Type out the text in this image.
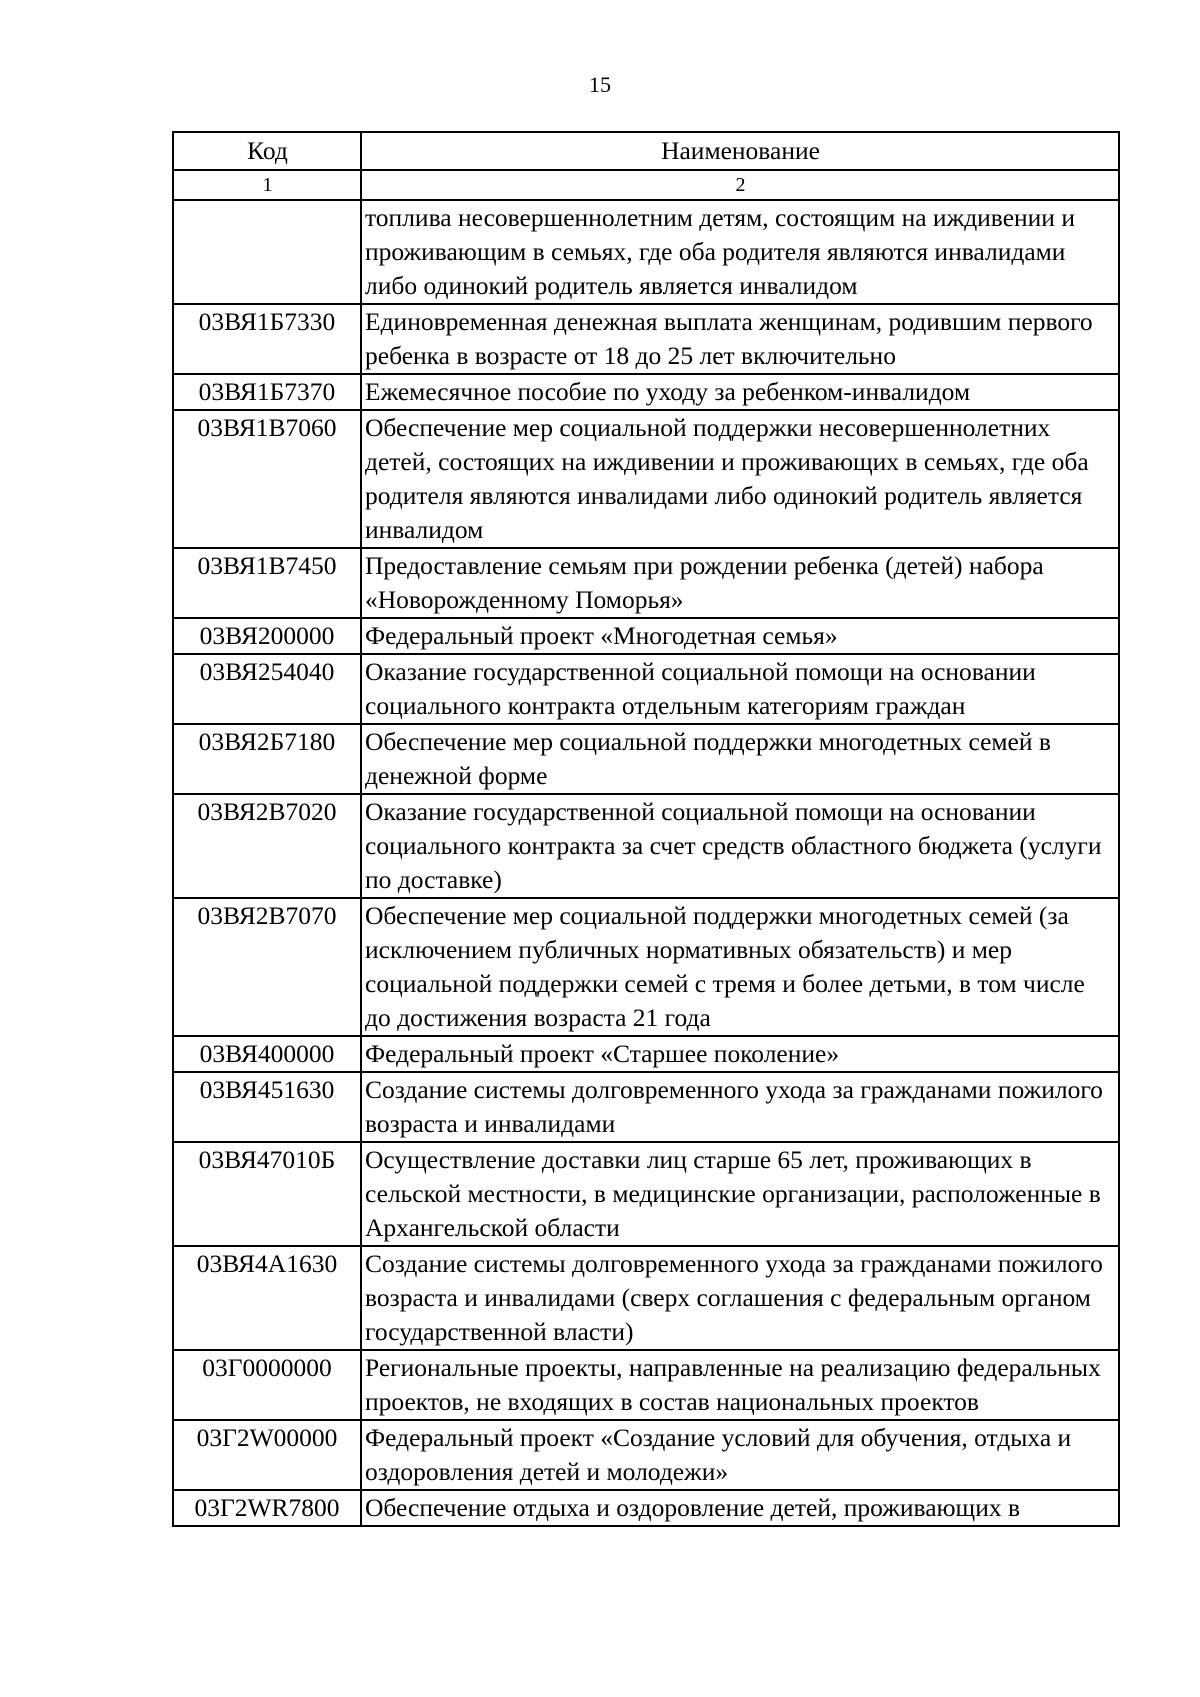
15
Код	Наименование
1	2
	топлива несовершеннолетним детям, состоящим на иждивении и проживающим в семьях, где оба родителя являются инвалидами либо одинокий родитель является инвалидом
03ВЯ1Б7330	Единовременная денежная выплата женщинам, родившим первого ребенка в возрасте от 18 до 25 лет включительно
03ВЯ1Б7370	Ежемесячное пособие по уходу за ребенком-инвалидом
03ВЯ1В7060	Обеспечение мер социальной поддержки несовершеннолетних детей, состоящих на иждивении и проживающих в семьях, где оба родителя являются инвалидами либо одинокий родитель является инвалидом
03ВЯ1В7450	Предоставление семьям при рождении ребенка (детей) набора «Новорожденному Поморья»
03ВЯ200000	Федеральный проект «Многодетная семья»
03ВЯ254040	Оказание государственной социальной помощи на основании социального контракта отдельным категориям граждан
03ВЯ2Б7180	Обеспечение мер социальной поддержки многодетных семей в денежной форме
03ВЯ2В7020	Оказание государственной социальной помощи на основании социального контракта за счет средств областного бюджета (услуги по доставке)
03ВЯ2В7070	Обеспечение мер социальной поддержки многодетных семей (за исключением публичных нормативных обязательств) и мер социальной поддержки семей с тремя и более детьми, в том числе до достижения возраста 21 года
03ВЯ400000	Федеральный проект «Старшее поколение»
03ВЯ451630	Создание системы долговременного ухода за гражданами пожилого возраста и инвалидами
03ВЯ47010Б	Осуществление доставки лиц старше 65 лет, проживающих в сельской местности, в медицинские организации, расположенные в Архангельской области
03ВЯ4А1630	Создание системы долговременного ухода за гражданами пожилого возраста и инвалидами (сверх соглашения с федеральным органом государственной власти)
03Г0000000	Региональные проекты, направленные на реализацию федеральных проектов, не входящих в состав национальных проектов
03Г2W00000	Федеральный проект «Создание условий для обучения, отдыха и оздоровления детей и молодежи»
03Г2WR7800	Обеспечение отдыха и оздоровление детей, проживающих в
